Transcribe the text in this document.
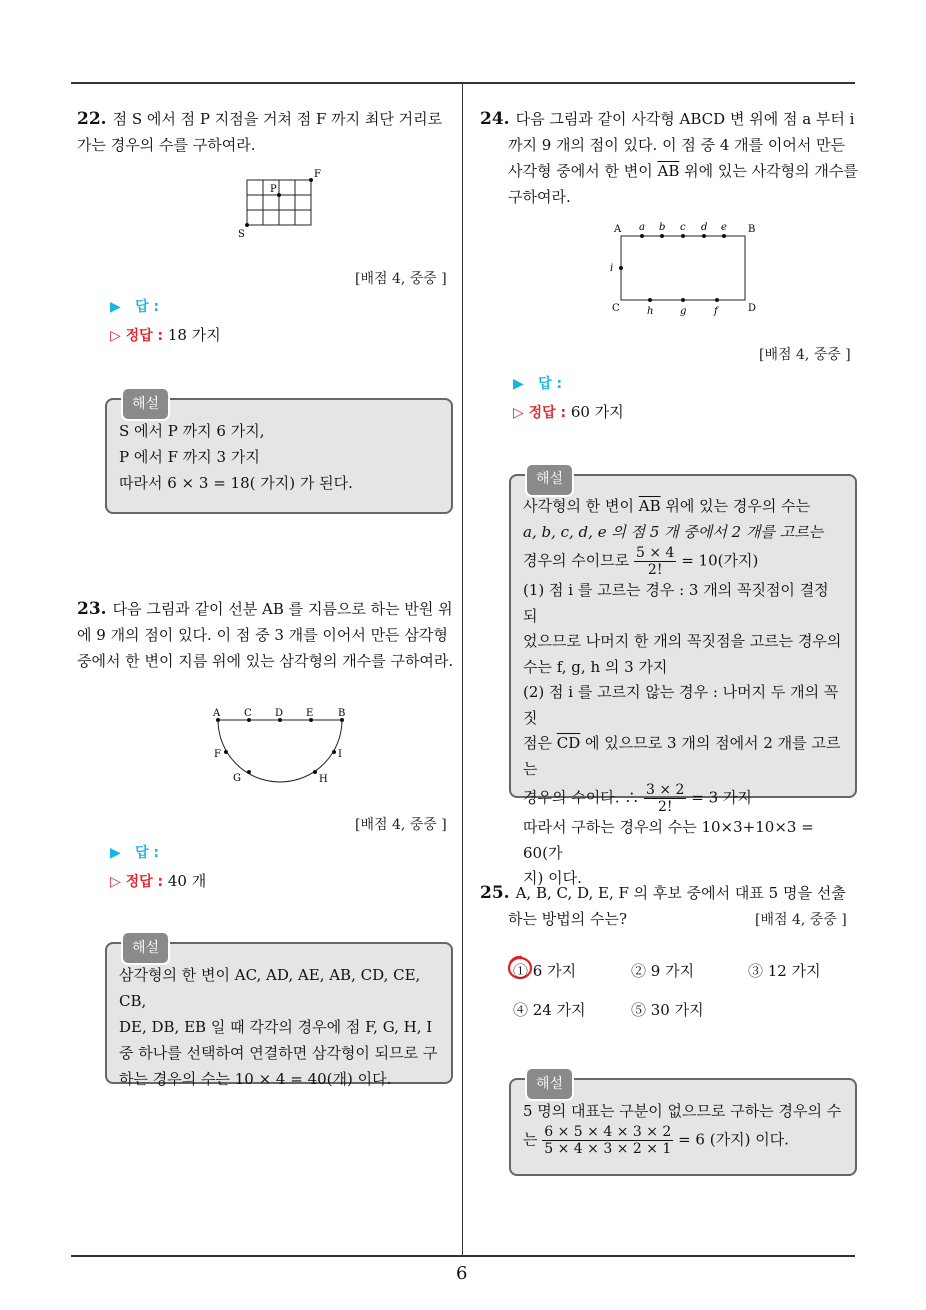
6

22. 점 S 에서 점 P 지점을 거쳐 점 F 까지 최단 거리로 가는 경우의 수를 구하여라.

S
P
F
[배점 4, 중중 ]
▶ 답 :
▷ 정답 : 18 가지
해설

S 에서 P 까지 6 가지,

P 에서 F 까지 3 가지

따라서 6 × 3 = 18( 가지) 가 된다.

23. 다음 그림과 같이 선분 AB 를 지름으로 하는 반원 위에 9 개의 점이 있다. 이 점 중 3 개를 이어서 만든 삼각형 중에서 한 변이 지름 위에 있는 삼각형의 개수를 구하여라.

A C D E B
F	I
G	H
[배점 4, 중중 ]
▶ 답 :
▷ 정답 : 40 개
해설

삼각형의 한 변이 AC, AD, AE, AB, CD, CE, CB,

DE, DB, EB 일 때 각각의 경우에 점 F, G, H, I

중 하나를 선택하여 연결하면 삼각형이 되므로 구

하는 경우의 수는 10 × 4 = 40(개) 이다.

24. 다음 그림과 같이 사각형 ABCD 변 위에 점 a 부터 i

까지 9 개의 점이 있다. 이 점 중 4 개를 이어서 만든

사각형 중에서 한 변이 $\overline{AB}$ 위에 있는 사각형의 개수를

구하여라.

A	B
C	D
a b c d e
i
h	g	f
[배점 4, 중중 ]
▶ 답 :
▷ 정답 : 60 가지
해설

사각형의 한 변이 $\overline{AB}$ 위에 있는 경우의 수는

a, b, c, d, e 의 점 5 개 중에서 2 개를 고르는

경우의 수이므로 $\frac{5 \times 4}{2!} = 10$(가지)

(1) 점 i 를 고르는 경우 : 3 개의 꼭짓점이 결정되

었으므로 나머지 한 개의 꼭짓점을 고르는 경우의

수는 f, g, h 의 3 가지

(2) 점 i 를 고르지 않는 경우 : 나머지 두 개의 꼭짓

점은 $\overline{CD}$ 에 있으므로 3 개의 점에서 2 개를 고르는

경우의 수이다. ∴ $\frac{3 \times 2}{2!} = 3$ 가지

따라서 구하는 경우의 수는 10×3+10×3 = 60(가

지) 이다.

25. A, B, C, D, E, F 의 후보 중에서 대표 5 명을 선출

하는 방법의 수는?	[배점 4, 중중 ]
① 6 가지	② 9 가지	③ 12 가지
④ 24 가지	⑤ 30 가지
해설

5 명의 대표는 구분이 없으므로 구하는 경우의 수

는 $\frac{6 \times 5 \times 4 \times 3 \times 2}{5 \times 4 \times 3 \times 2 \times 1} = 6$ (가지) 이다.
